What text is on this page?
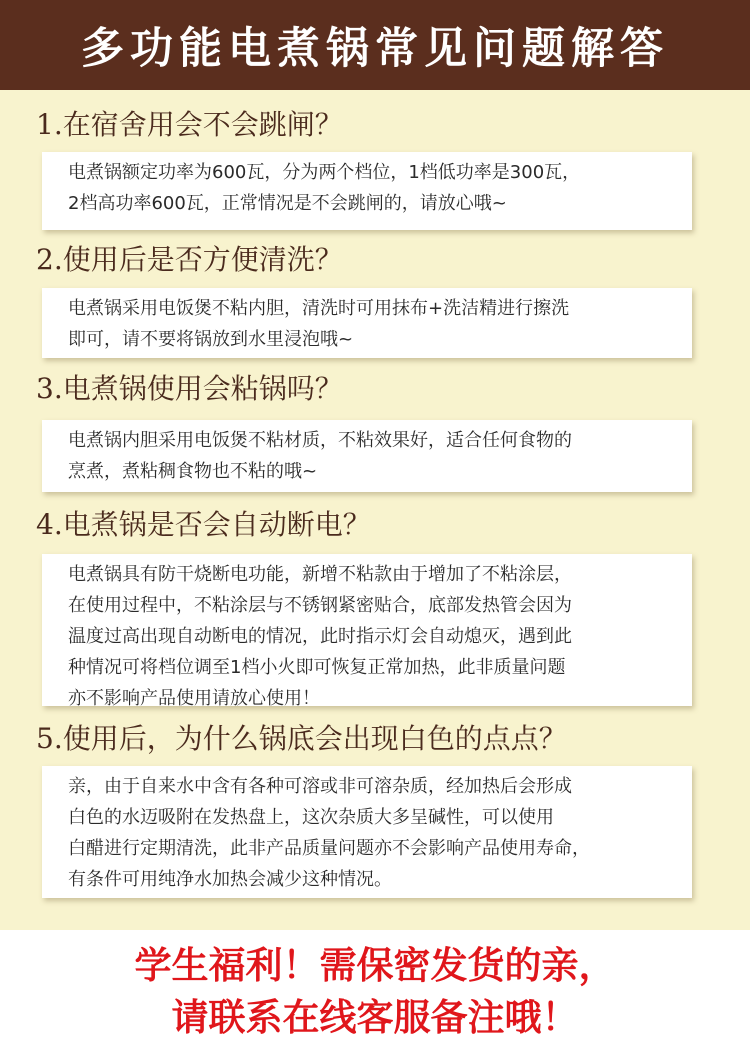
多功能电煮锅常见问题解答
1.在宿舍用会不会跳闸？

电煮锅额定功率为600瓦，分为两个档位，1档低功率是300瓦，

2档高功率600瓦，正常情况是不会跳闸的，请放心哦~

2.使用后是否方便清洗？

电煮锅采用电饭煲不粘内胆，清洗时可用抹布+洗洁精进行擦洗

即可，请不要将锅放到水里浸泡哦~

3.电煮锅使用会粘锅吗？

电煮锅内胆采用电饭煲不粘材质，不粘效果好，适合任何食物的

烹煮，煮粘稠食物也不粘的哦~

4.电煮锅是否会自动断电？

电煮锅具有防干烧断电功能，新增不粘款由于增加了不粘涂层，

在使用过程中，不粘涂层与不锈钢紧密贴合，底部发热管会因为

温度过高出现自动断电的情况，此时指示灯会自动熄灭，遇到此

种情况可将档位调至1档小火即可恢复正常加热，此非质量问题

亦不影响产品使用请放心使用！

5.使用后，为什么锅底会出现白色的点点？

亲，由于自来水中含有各种可溶或非可溶杂质，经加热后会形成

白色的水迈吸附在发热盘上，这次杂质大多呈碱性，可以使用

白醋进行定期清洗，此非产品质量问题亦不会影响产品使用寿命，

有条件可用纯净水加热会减少这种情况。

学生福利！需保密发货的亲，
请联系在线客服备注哦！
